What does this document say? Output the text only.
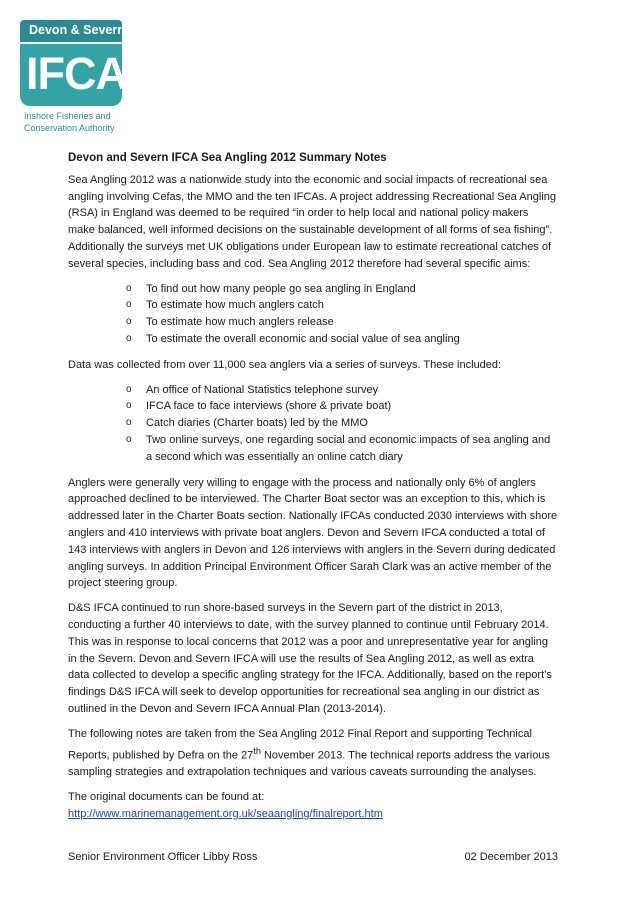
Devon & Severn
IFCA
Inshore Fisheries and
Conservation Authority
Devon and Severn IFCA Sea Angling 2012 Summary Notes

Sea Angling 2012 was a nationwide study into the economic and social impacts of recreational sea angling involving Cefas, the MMO and the ten IFCAs. A project addressing Recreational Sea Angling (RSA) in England was deemed to be required “in order to help local and national policy makers make balanced, well informed decisions on the sustainable development of all forms of sea fishing”. Additionally the surveys met UK obligations under European law to estimate recreational catches of several species, including bass and cod. Sea Angling 2012 therefore had several specific aims:

o To find out how many people go sea angling in England
o To estimate how much anglers catch
o To estimate how much anglers release
o To estimate the overall economic and social value of sea angling

Data was collected from over 11,000 sea anglers via a series of surveys. These included:

o An office of National Statistics telephone survey
o IFCA face to face interviews (shore & private boat)
o Catch diaries (Charter boats) led by the MMO
o Two online surveys, one regarding social and economic impacts of sea angling and a second which was essentially an online catch diary

Anglers were generally very willing to engage with the process and nationally only 6% of anglers approached declined to be interviewed. The Charter Boat sector was an exception to this, which is addressed later in the Charter Boats section. Nationally IFCAs conducted 2030 interviews with shore anglers and 410 interviews with private boat anglers. Devon and Severn IFCA conducted a total of 143 interviews with anglers in Devon and 126 interviews with anglers in the Severn during dedicated angling surveys. In addition Principal Environment Officer Sarah Clark was an active member of the project steering group.

D&S IFCA continued to run shore-based surveys in the Severn part of the district in 2013, conducting a further 40 interviews to date, with the survey planned to continue until February 2014. This was in response to local concerns that 2012 was a poor and unrepresentative year for angling in the Severn. Devon and Severn IFCA will use the results of Sea Angling 2012, as well as extra data collected to develop a specific angling strategy for the IFCA. Additionally, based on the report’s findings D&S IFCA will seek to develop opportunities for recreational sea angling in our district as outlined in the Devon and Severn IFCA Annual Plan (2013-2014).

The following notes are taken from the Sea Angling 2012 Final Report and supporting Technical Reports, published by Defra on the 27th November 2013. The technical reports address the various sampling strategies and extrapolation techniques and various caveats surrounding the analyses.

The original documents can be found at:
http://www.marinemanagement.org.uk/seaangling/finalreport.htm

Senior Environment Officer Libby Ross	02 December 2013
